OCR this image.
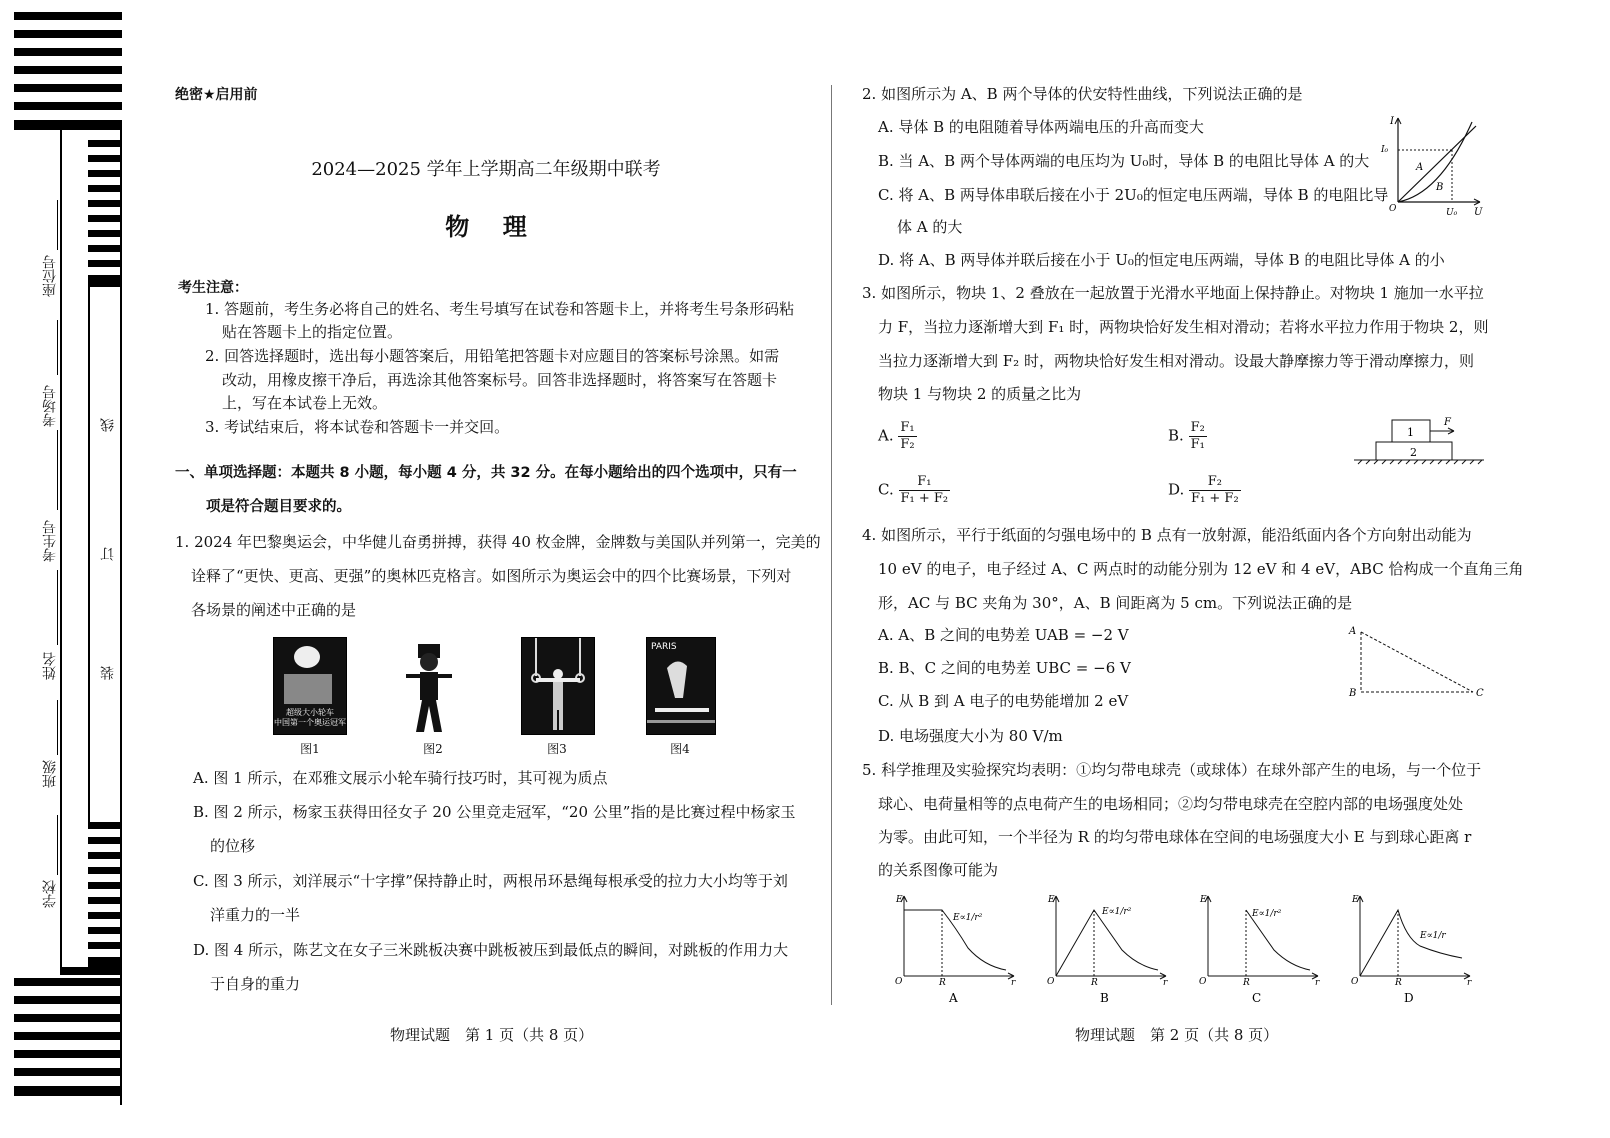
座位号
考场号
考生号
姓名
班级
学校
线
订
装
绝密★启用前
2024—2025 学年上学期高二年级期中联考
物    理
考生注意：
1. 答题前，考生务必将自己的姓名、考生号填写在试卷和答题卡上，并将考生号条形码粘
贴在答题卡上的指定位置。
2. 回答选择题时，选出每小题答案后，用铅笔把答题卡对应题目的答案标号涂黑。如需
改动，用橡皮擦干净后，再选涂其他答案标号。回答非选择题时，将答案写在答题卡
上，写在本试卷上无效。
3. 考试结束后，将本试卷和答题卡一并交回。
一、单项选择题：本题共 8 小题，每小题 4 分，共 32 分。在每小题给出的四个选项中，只有一
项是符合题目要求的。
1. 2024 年巴黎奥运会，中华健儿奋勇拼搏，获得 40 枚金牌，金牌数与美国队并列第一，完美的
诠释了“更快、更高、更强”的奥林匹克格言。如图所示为奥运会中的四个比赛场景，下列对
各场景的阐述中正确的是
超级大小轮车
中国第一个奥运冠军
PARIS
图1	图2	图3	图4
A. 图 1 所示，在邓雅文展示小轮车骑行技巧时，其可视为质点
B. 图 2 所示，杨家玉获得田径女子 20 公里竞走冠军，“20 公里”指的是比赛过程中杨家玉
的位移
C. 图 3 所示，刘洋展示“十字撑”保持静止时，两根吊环悬绳每根承受的拉力大小均等于刘
洋重力的一半
D. 图 4 所示，陈艺文在女子三米跳板决赛中跳板被压到最低点的瞬间，对跳板的作用力大
于自身的重力
物理试题　第 1 页（共 8 页）
2. 如图所示为 A、B 两个导体的伏安特性曲线，下列说法正确的是
A. 导体 B 的电阻随着导体两端电压的升高而变大
B. 当 A、B 两个导体两端的电压均为 U₀时，导体 B 的电阻比导体 A 的大
C. 将 A、B 两导体串联后接在小于 2U₀的恒定电压两端，导体 B 的电阻比导
体 A 的大
D. 将 A、B 两导体并联后接在小于 U₀的恒定电压两端，导体 B 的电阻比导体 A 的小
I
I₀
O	U₀ U
A
B
3. 如图所示，物块 1、2 叠放在一起放置于光滑水平地面上保持静止。对物块 1 施加一水平拉
力 F，当拉力逐渐增大到 F₁ 时，两物块恰好发生相对滑动；若将水平拉力作用于物块 2，则
当拉力逐渐增大到 F₂ 时，两物块恰好发生相对滑动。设最大静摩擦力等于滑动摩擦力，则
物块 1 与物块 2 的质量之比为
A. $\frac{\text{F₁}}{\text{F₂}}$	B. $\frac{\text{F₂}}{\text{F₁}}$
C. $\frac{\text{F₁}}{\text{F₁ + F₂}}$	D. $\frac{\text{F₂}}{\text{F₁ + F₂}}$
1
2
F
4. 如图所示，平行于纸面的匀强电场中的 B 点有一放射源，能沿纸面内各个方向射出动能为
10 eV 的电子，电子经过 A、C 两点时的动能分别为 12 eV 和 4 eV，ABC 恰构成一个直角三角
形，AC 与 BC 夹角为 30°，A、B 间距离为 5 cm。下列说法正确的是
A. A、B 之间的电势差 UAB = −2 V
B. B、C 之间的电势差 UBC = −6 V
C. 从 B 到 A 电子的电势能增加 2 eV
D. 电场强度大小为 80 V/m
A
B	C
5. 科学推理及实验探究均表明：①均匀带电球壳（或球体）在球外部产生的电场，与一个位于
球心、电荷量相等的点电荷产生的电场相同；②均匀带电球壳在空腔内部的电场强度处处
为零。由此可知，一个半径为 R 的均匀带电球体在空间的电场强度大小 E 与到球心距离 r
的关系图像可能为
E
O	R	r
E∝1/r²
A
E
O	R	r
E∝1/r²
B
E
O	R	r
E∝1/r²
C
E
O	R	r
E∝1/r
D
物理试题　第 2 页（共 8 页）
